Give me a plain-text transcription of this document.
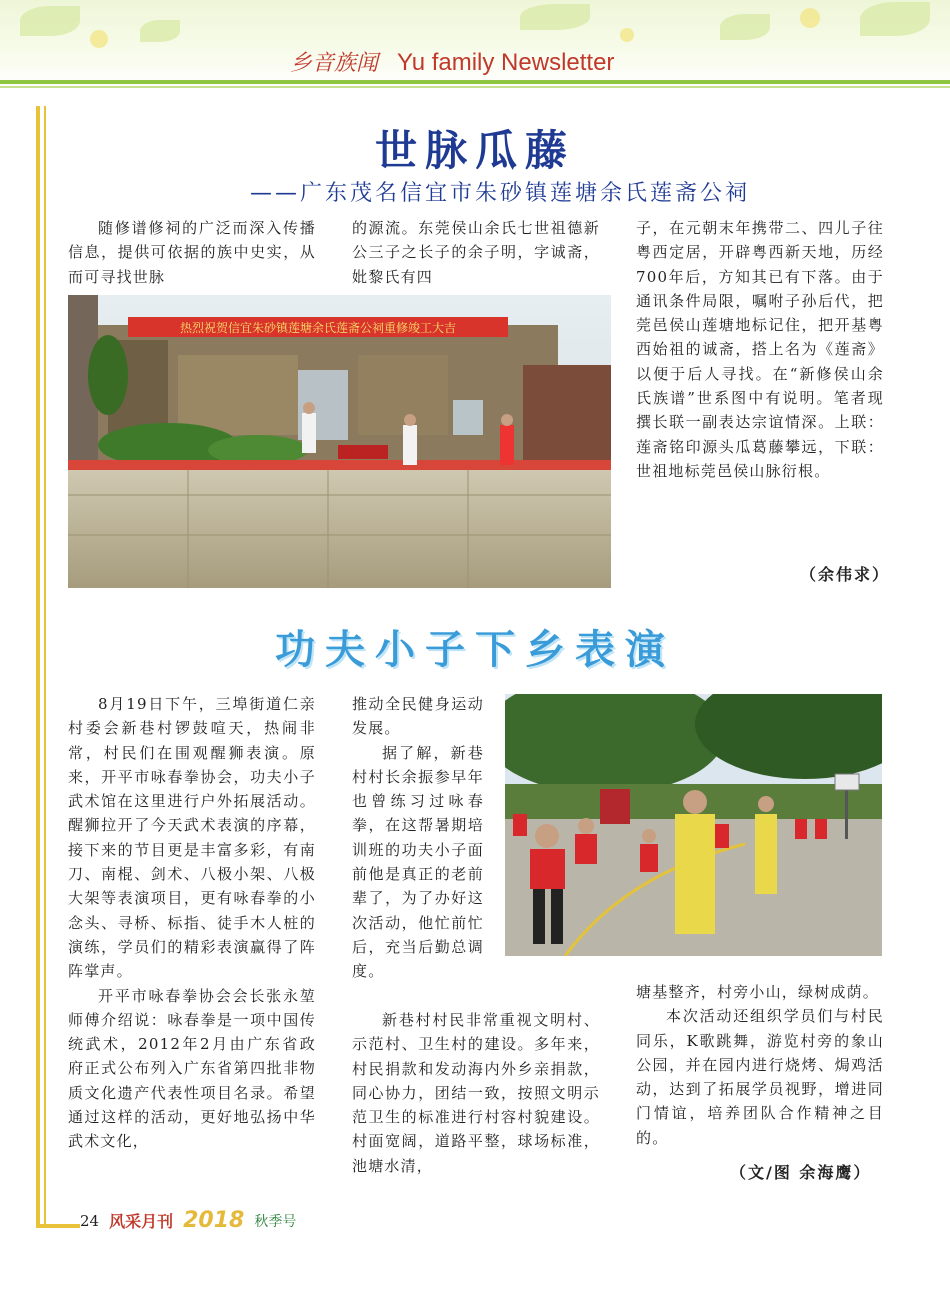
乡音族闻 Yu family Newsletter
世脉瓜藤
——广东茂名信宜市朱砂镇莲塘余氏莲斋公祠

随修谱修祠的广泛而深入传播信息，提供可依据的族中史实，从而可寻找世脉

的源流。东莞侯山余氏七世祖德新公三子之长子的余子明，字诚斋，妣黎氏有四

子，在元朝末年携带二、四儿子往粤西定居，开辟粤西新天地，历经700年后，方知其已有下落。由于通讯条件局限，嘱咐子孙后代，把莞邑侯山莲塘地标记住，把开基粤西始祖的诚斋，搭上名为《莲斋》以便于后人寻找。在“新修侯山余氏族谱”世系图中有说明。笔者现撰长联一副表达宗谊情深。上联：莲斋铭印源头瓜葛藤攀远，下联：世祖地标莞邑侯山脉衍根。

热烈祝贺信宜朱砂镇莲塘余氏莲斋公祠重修竣工大吉
（余伟求）
功夫小子下乡表演

8月19日下午，三埠街道仁亲村委会新巷村锣鼓喧天，热闹非常，村民们在围观醒狮表演。原来，开平市咏春拳协会，功夫小子武术馆在这里进行户外拓展活动。醒狮拉开了今天武术表演的序幕，接下来的节目更是丰富多彩，有南刀、南棍、剑术、八极小架、八极大架等表演项目，更有咏春拳的小念头、寻桥、标指、徒手木人桩的演练，学员们的精彩表演赢得了阵阵掌声。

开平市咏春拳协会会长张永堃师傅介绍说：咏春拳是一项中国传统武术，2012年2月由广东省政府正式公布列入广东省第四批非物质文化遗产代表性项目名录。希望通过这样的活动，更好地弘扬中华武术文化，

推动全民健身运动发展。

据了解，新巷村村长余振参早年也曾练习过咏春拳，在这帮暑期培训班的功夫小子面前他是真正的老前辈了，为了办好这次活动，他忙前忙后，充当后勤总调度。

新巷村村民非常重视文明村、示范村、卫生村的建设。多年来，村民捐款和发动海内外乡亲捐款，同心协力，团结一致，按照文明示范卫生的标准进行村容村貌建设。村面宽阔，道路平整，球场标准，池塘水清，

塘基整齐，村旁小山，绿树成荫。

本次活动还组织学员们与村民同乐，K歌跳舞，游览村旁的象山公园，并在园内进行烧烤、焗鸡活动，达到了拓展学员视野，增进同门情谊，培养团队合作精神之目的。

（文/图 余海鹰）
24 风采月刊 2018 秋季号
